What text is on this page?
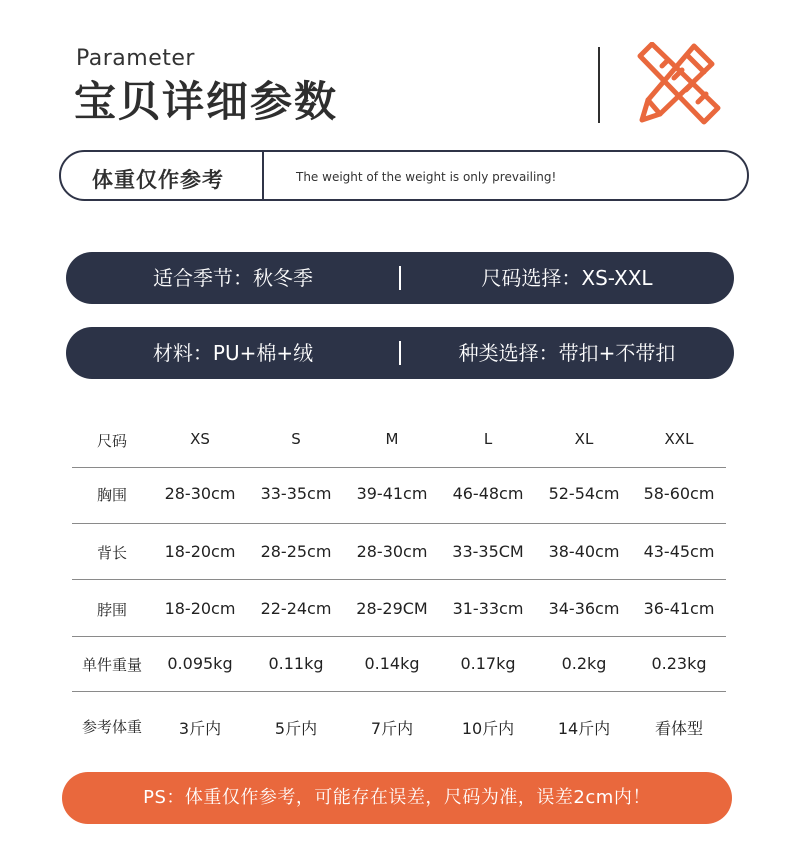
Parameter
宝贝详细参数
体重仅作参考	The weight of the weight is only prevailing!
适合季节：秋冬季	尺码选择：XS-XXL
材料：PU+棉+绒	种类选择：带扣+不带扣
尺码	XS	S	M	L	XL	XXL
胸围	28-30cm	33-35cm	39-41cm	46-48cm	52-54cm	58-60cm
背长	18-20cm	28-25cm	28-30cm	33-35CM	38-40cm	43-45cm
脖围	18-20cm	22-24cm	28-29CM	31-33cm	34-36cm	36-41cm
单件重量	0.095kg	0.11kg	0.14kg	0.17kg	0.2kg	0.23kg
参考体重	3斤内	5斤内	7斤内	10斤内	14斤内	看体型
PS：体重仅作参考，可能存在误差，尺码为准，误差2cm内！
